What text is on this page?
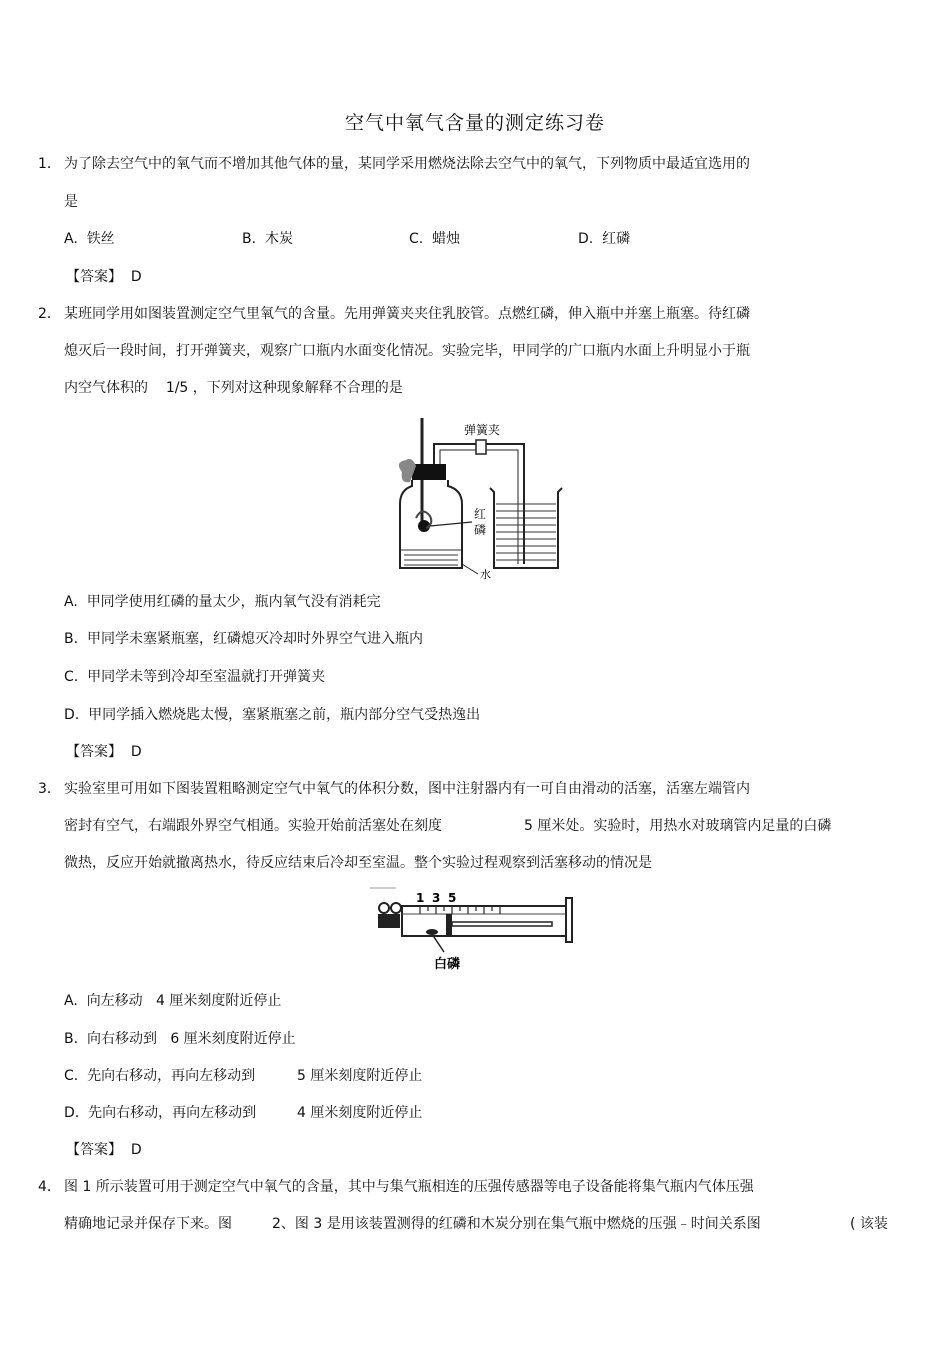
空气中氧气含量的测定练习卷
1． 为了除去空气中的氧气而不增加其他气体的量，某同学采用燃烧法除去空气中的氧气，下列物质中最适宜选用的
是
A. 铁丝	B. 木炭	C. 蜡烛	D. 红磷
【答案】 D
2． 某班同学用如图装置测定空气里氧气的含量。先用弹簧夹夹住乳胶管。点燃红磷，伸入瓶中并塞上瓶塞。待红磷
熄灭后一段时间，打开弹簧夹，观察广口瓶内水面变化情况。实验完毕，甲同学的广口瓶内水面上升明显小于瓶
内空气体积的 1/5 ，下列对这种现象解释不合理的是
红
磷
弹簧夹
水
A. 甲同学使用红磷的量太少，瓶内氧气没有消耗完
B. 甲同学未塞紧瓶塞，红磷熄灭冷却时外界空气进入瓶内
C. 甲同学未等到冷却至室温就打开弹簧夹
D. 甲同学插入燃烧匙太慢，塞紧瓶塞之前，瓶内部分空气受热逸出
【答案】 D
3． 实验室里可用如下图装置粗略测定空气中氧气的体积分数，图中注射器内有一可自由滑动的活塞，活塞左端管内
密封有空气，右端跟外界空气相通。实验开始前活塞处在刻度	5 厘米处。实验时，用热水对玻璃管内足量的白磷
微热，反应开始就撤离热水，待反应结束后冷却至室温。整个实验过程观察到活塞移动的情况是
1 3 5
白磷
A. 向左移动 4 厘米刻度附近停止
B. 向右移动到 6 厘米刻度附近停止
C. 先向右移动，再向左移动到	5 厘米刻度附近停止
D. 先向右移动，再向左移动到	4 厘米刻度附近停止
【答案】 D
4． 图 1 所示装置可用于测定空气中氧气的含量，其中与集气瓶相连的压强传感器等电子设备能将集气瓶内气体压强
精确地记录并保存下来。图	2、图 3 是用该装置测得的红磷和木炭分别在集气瓶中燃烧的压强﹣时间关系图	( 该装
